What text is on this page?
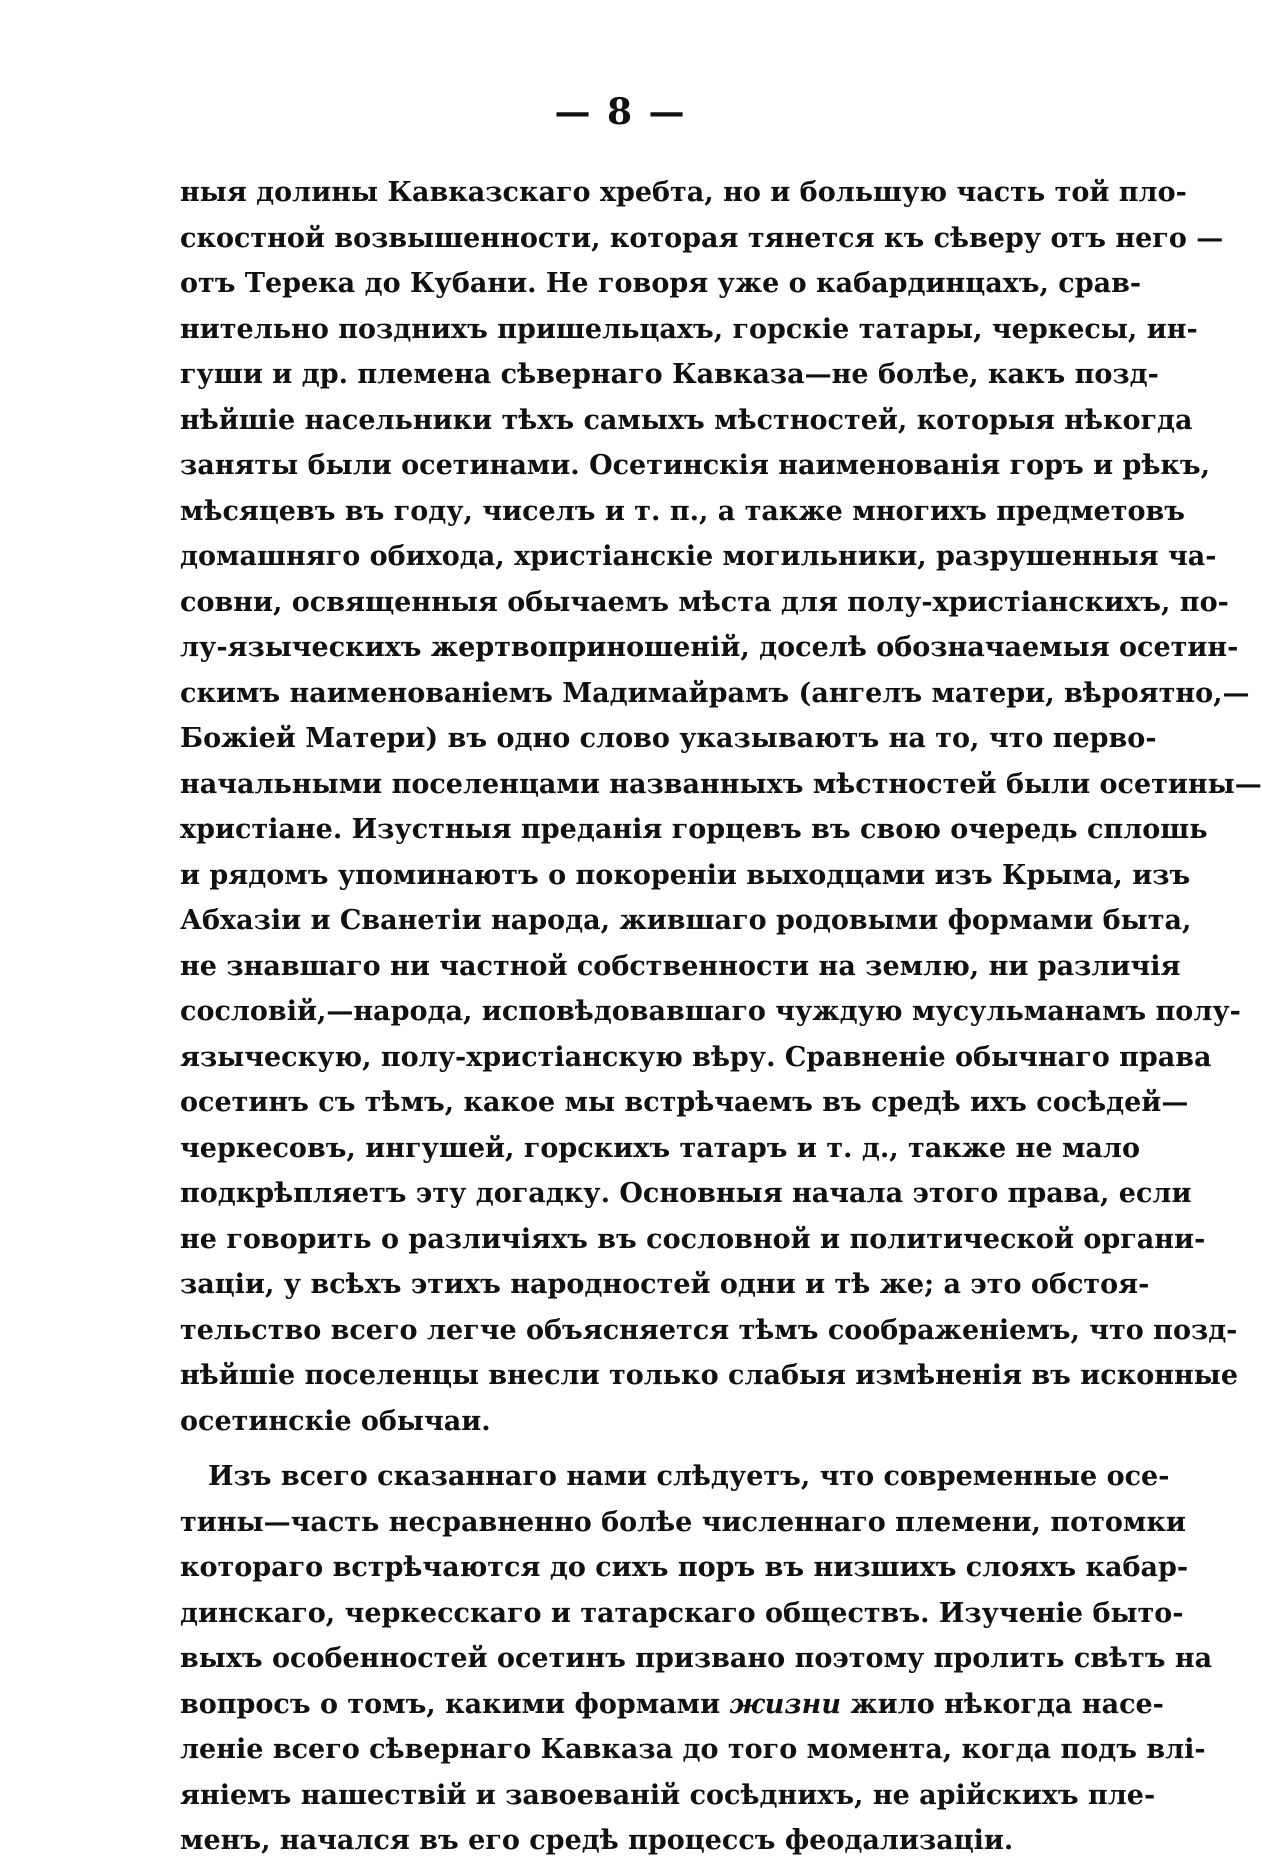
— 8 —
ныя долины Кавказскаго хребта, но и большую часть той пло-
скостной возвышенности, которая тянется къ сѣверу отъ него —
отъ Терека до Кубани. Не говоря уже о кабардинцахъ, срав-
нительно позднихъ пришельцахъ, горскіе татары, черкесы, ин-
гуши и др. племена сѣвернаго Кавказа—не болѣе, какъ позд-
нѣйшіе насельники тѣхъ самыхъ мѣстностей, которыя нѣкогда
заняты были осетинами. Осетинскія наименованія горъ и рѣкъ,
мѣсяцевъ въ году, чиселъ и т. п., а также многихъ предметовъ
домашняго обихода, христіанскіе могильники, разрушенныя ча-
совни, освященныя обычаемъ мѣста для полу-христіанскихъ, по-
лу-языческихъ жертвоприношеній, доселѣ обозначаемыя осетин-
скимъ наименованіемъ Мадимайрамъ (ангелъ матери, вѣроятно,—
Божіей Матери) въ одно слово указываютъ на то, что перво-
начальными поселенцами названныхъ мѣстностей были осетины—
христіане. Изустныя преданія горцевъ въ свою очередь сплошь
и рядомъ упоминаютъ о покореніи выходцами изъ Крыма, изъ
Абхазіи и Сванетіи народа, жившаго родовыми формами быта,
не знавшаго ни частной собственности на землю, ни различія
сословій,—народа, исповѣдовавшаго чуждую мусульманамъ полу-
языческую, полу-христіанскую вѣру. Сравненіе обычнаго права
осетинъ съ тѣмъ, какое мы встрѣчаемъ въ средѣ ихъ сосѣдей—
черкесовъ, ингушей, горскихъ татаръ и т. д., также не мало
подкрѣпляетъ эту догадку. Основныя начала этого права, если
не говорить о различіяхъ въ сословной и политической органи-
заціи, у всѣхъ этихъ народностей одни и тѣ же; а это обстоя-
тельство всего легче объясняется тѣмъ соображеніемъ, что позд-
нѣйшіе поселенцы внесли только слабыя измѣненія въ исконные
осетинскіе обычаи.
Изъ всего сказаннаго нами слѣдуетъ, что современные осе-
тины—часть несравненно болѣе численнаго племени, потомки
котораго встрѣчаются до сихъ поръ въ низшихъ слояхъ кабар-
динскаго, черкесскаго и татарскаго обществъ. Изученіе быто-
выхъ особенностей осетинъ призвано поэтому пролить свѣтъ на
вопросъ о томъ, какими формами жизни жило нѣкогда насе-
леніе всего сѣвернаго Кавказа до того момента, когда подъ влі-
яніемъ нашествій и завоеваній сосѣднихъ, не арійскихъ пле-
менъ, начался въ его средѣ процессъ феодализаціи.
